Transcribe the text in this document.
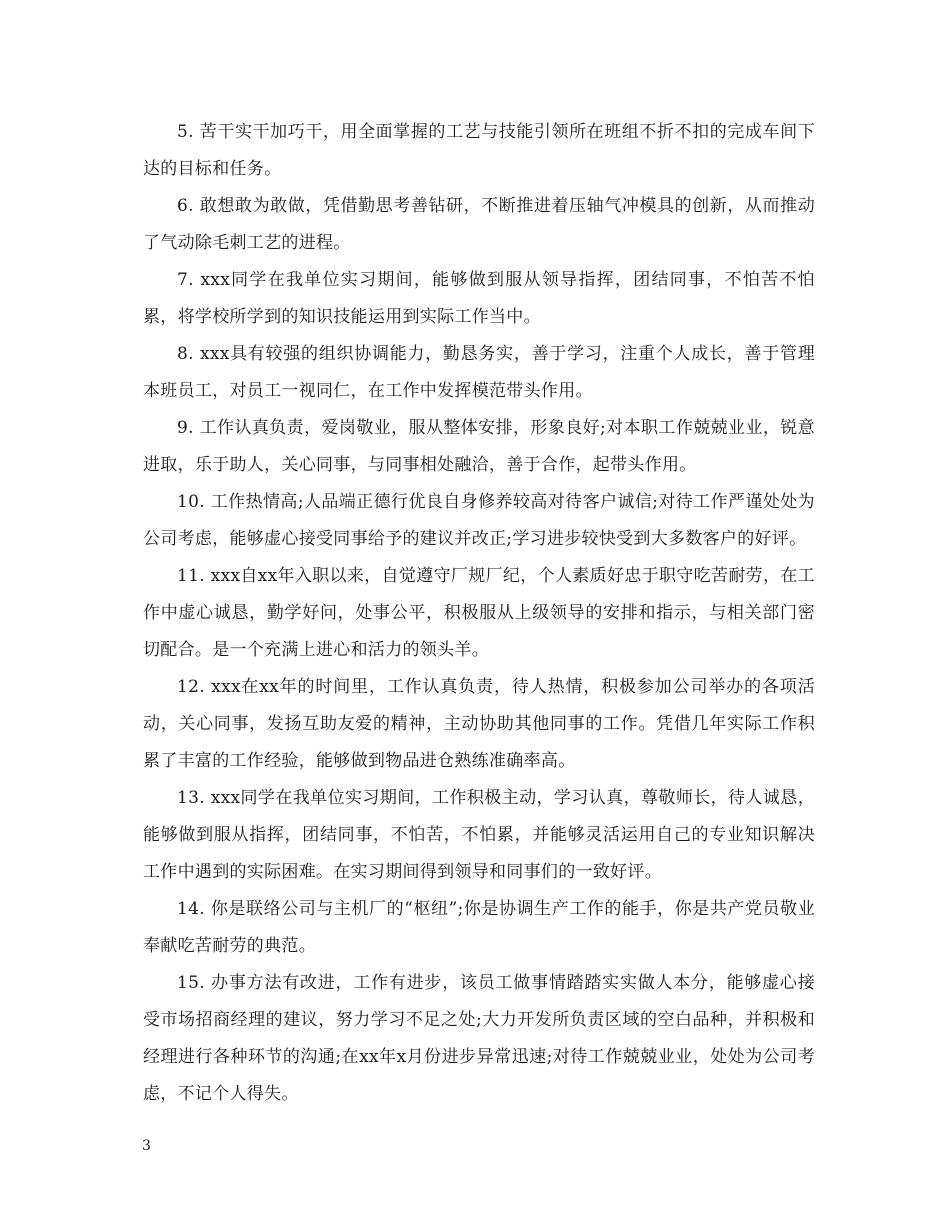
5. 苦干实干加巧干，用全面掌握的工艺与技能引领所在班组不折不扣的完成车间下达的目标和任务。

6. 敢想敢为敢做，凭借勤思考善钻研，不断推进着压轴气冲模具的创新，从而推动了气动除毛刺工艺的进程。

7. xxx同学在我单位实习期间，能够做到服从领导指挥，团结同事，不怕苦不怕累，将学校所学到的知识技能运用到实际工作当中。

8. xxx具有较强的组织协调能力，勤恳务实，善于学习，注重个人成长，善于管理本班员工，对员工一视同仁，在工作中发挥模范带头作用。

9. 工作认真负责，爱岗敬业，服从整体安排，形象良好;对本职工作兢兢业业，锐意进取，乐于助人，关心同事，与同事相处融洽，善于合作，起带头作用。

10. 工作热情高;人品端正德行优良自身修养较高对待客户诚信;对待工作严谨处处为公司考虑，能够虚心接受同事给予的建议并改正;学习进步较快受到大多数客户的好评。

11. xxx自xx年入职以来，自觉遵守厂规厂纪，个人素质好忠于职守吃苦耐劳，在工作中虚心诚恳，勤学好问，处事公平，积极服从上级领导的安排和指示，与相关部门密切配合。是一个充满上进心和活力的领头羊。

12. xxx在xx年的时间里，工作认真负责，待人热情，积极参加公司举办的各项活动，关心同事，发扬互助友爱的精神，主动协助其他同事的工作。凭借几年实际工作积累了丰富的工作经验，能够做到物品进仓熟练准确率高。

13. xxx同学在我单位实习期间，工作积极主动，学习认真，尊敬师长，待人诚恳，能够做到服从指挥，团结同事，不怕苦，不怕累，并能够灵活运用自己的专业知识解决工作中遇到的实际困难。在实习期间得到领导和同事们的一致好评。

14. 你是联络公司与主机厂的“枢纽”;你是协调生产工作的能手，你是共产党员敬业奉献吃苦耐劳的典范。

15. 办事方法有改进，工作有进步，该员工做事情踏踏实实做人本分，能够虚心接受市场招商经理的建议，努力学习不足之处;大力开发所负责区域的空白品种，并积极和经理进行各种环节的沟通;在xx年x月份进步异常迅速;对待工作兢兢业业，处处为公司考虑，不记个人得失。

3
